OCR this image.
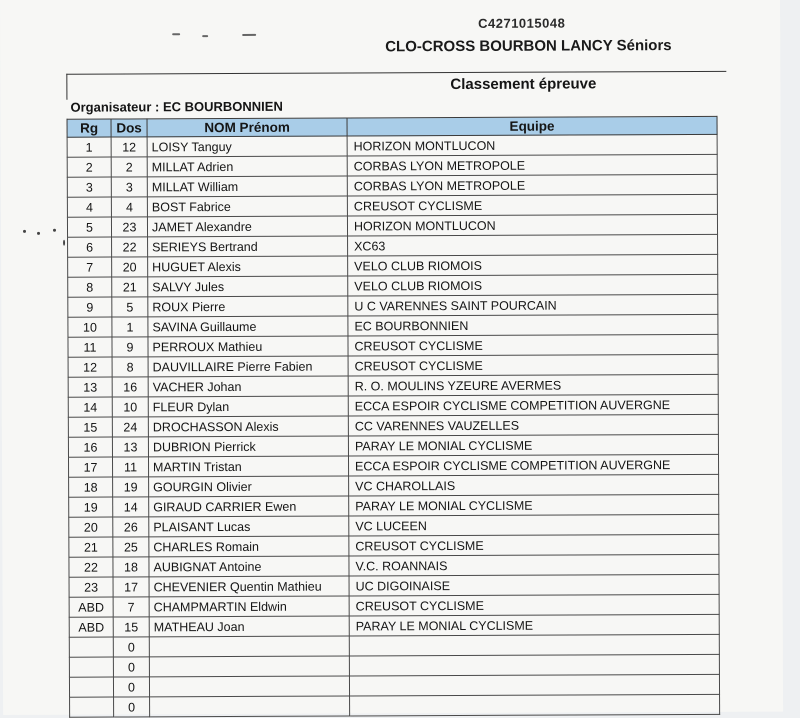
C4271015048
CLO-CROSS BOURBON LANCY Séniors
Classement épreuve
Organisateur : EC BOURBONNIEN
Rg	Dos	NOM Prénom	Equipe
1	12	LOISY Tanguy	HORIZON MONTLUCON
2	2	MILLAT Adrien	CORBAS LYON METROPOLE
3	3	MILLAT William	CORBAS LYON METROPOLE
4	4	BOST Fabrice	CREUSOT CYCLISME
5	23	JAMET Alexandre	HORIZON MONTLUCON
6	22	SERIEYS Bertrand	XC63
7	20	HUGUET Alexis	VELO CLUB RIOMOIS
8	21	SALVY Jules	VELO CLUB RIOMOIS
9	5	ROUX Pierre	U C VARENNES SAINT POURCAIN
10	1	SAVINA Guillaume	EC BOURBONNIEN
11	9	PERROUX Mathieu	CREUSOT CYCLISME
12	8	DAUVILLAIRE Pierre Fabien	CREUSOT CYCLISME
13	16	VACHER Johan	R. O. MOULINS YZEURE AVERMES
14	10	FLEUR Dylan	ECCA ESPOIR CYCLISME COMPETITION AUVERGNE
15	24	DROCHASSON Alexis	CC VARENNES VAUZELLES
16	13	DUBRION Pierrick	PARAY LE MONIAL CYCLISME
17	11	MARTIN Tristan	ECCA ESPOIR CYCLISME COMPETITION AUVERGNE
18	19	GOURGIN Olivier	VC CHAROLLAIS
19	14	GIRAUD CARRIER Ewen	PARAY LE MONIAL CYCLISME
20	26	PLAISANT Lucas	VC LUCEEN
21	25	CHARLES Romain	CREUSOT CYCLISME
22	18	AUBIGNAT Antoine	V.C. ROANNAIS
23	17	CHEVENIER Quentin Mathieu	UC DIGOINAISE
ABD	7	CHAMPMARTIN Eldwin	CREUSOT CYCLISME
ABD	15	MATHEAU Joan	PARAY LE MONIAL CYCLISME
	0		
	0		
	0		
	0		
